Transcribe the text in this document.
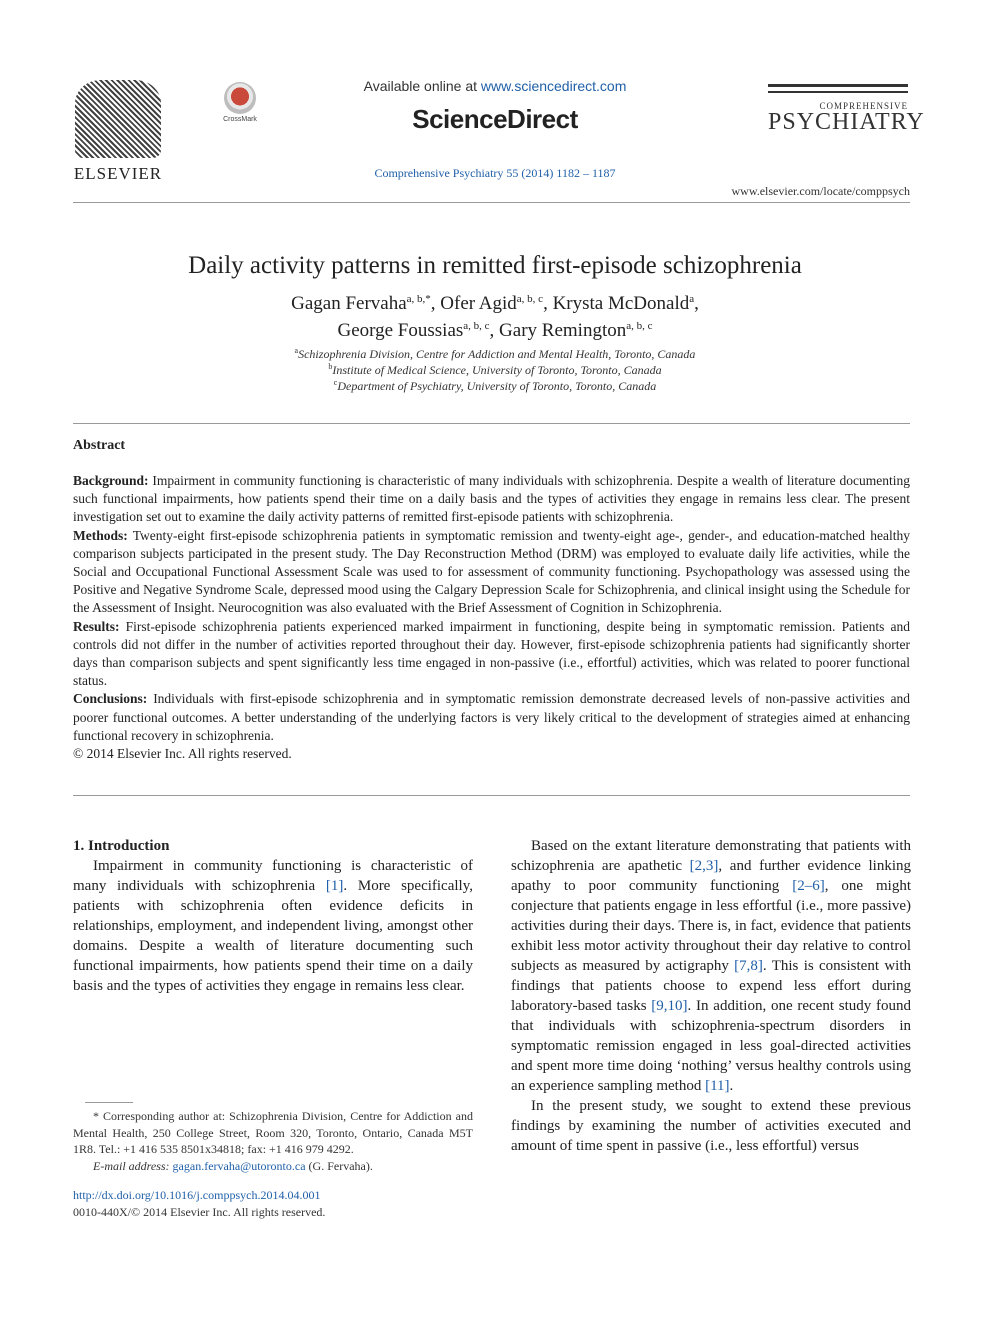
ELSEVIER
CrossMark
Available online at www.sciencedirect.com
ScienceDirect
Comprehensive Psychiatry 55 (2014) 1182 – 1187
COMPREHENSIVE
PSYCHIATRY
www.elsevier.com/locate/comppsych
Daily activity patterns in remitted first-episode schizophrenia
Gagan Fervaha$^{a, b,*}$, Ofer Agid$^{a, b, c}$, Krysta McDonald$^a$,
George Foussias$^{a, b, c}$, Gary Remington$^{a, b, c}$
$^a$Schizophrenia Division, Centre for Addiction and Mental Health, Toronto, Canada
$^b$Institute of Medical Science, University of Toronto, Toronto, Canada
$^c$Department of Psychiatry, University of Toronto, Toronto, Canada
Abstract

Background: Impairment in community functioning is characteristic of many individuals with schizophrenia. Despite a wealth of literature documenting such functional impairments, how patients spend their time on a daily basis and the types of activities they engage in remains less clear. The present investigation set out to examine the daily activity patterns of remitted first-episode patients with schizophrenia.

Methods: Twenty-eight first-episode schizophrenia patients in symptomatic remission and twenty-eight age-, gender-, and education-matched healthy comparison subjects participated in the present study. The Day Reconstruction Method (DRM) was employed to evaluate daily life activities, while the Social and Occupational Functional Assessment Scale was used to for assessment of community functioning. Psychopathology was assessed using the Positive and Negative Syndrome Scale, depressed mood using the Calgary Depression Scale for Schizophrenia, and clinical insight using the Schedule for the Assessment of Insight. Neurocognition was also evaluated with the Brief Assessment of Cognition in Schizophrenia.

Results: First-episode schizophrenia patients experienced marked impairment in functioning, despite being in symptomatic remission. Patients and controls did not differ in the number of activities reported throughout their day. However, first-episode schizophrenia patients had significantly shorter days than comparison subjects and spent significantly less time engaged in non-passive (i.e., effortful) activities, which was related to poorer functional status.

Conclusions: Individuals with first-episode schizophrenia and in symptomatic remission demonstrate decreased levels of non-passive activities and poorer functional outcomes. A better understanding of the underlying factors is very likely critical to the development of strategies aimed at enhancing functional recovery in schizophrenia.

© 2014 Elsevier Inc. All rights reserved.

1. Introduction

Impairment in community functioning is characteristic of many individuals with schizophrenia [1]. More specifically, patients with schizophrenia often evidence deficits in relationships, employment, and independent living, amongst other domains. Despite a wealth of literature documenting such functional impairments, how patients spend their time on a daily basis and the types of activities they engage in remains less clear.

Based on the extant literature demonstrating that patients with schizophrenia are apathetic [2,3], and further evidence linking apathy to poor community functioning [2–6], one might conjecture that patients engage in less effortful (i.e., more passive) activities during their days. There is, in fact, evidence that patients exhibit less motor activity throughout their day relative to control subjects as measured by actigraphy [7,8]. This is consistent with findings that patients choose to expend less effort during laboratory-based tasks [9,10]. In addition, one recent study found that individuals with schizophrenia-spectrum disorders in symptomatic remission engaged in less goal-directed activities and spent more time doing ‘nothing’ versus healthy controls using an experience sampling method [11].

In the present study, we sought to extend these previous findings by examining the number of activities executed and amount of time spent in passive (i.e., less effortful) versus

* Corresponding author at: Schizophrenia Division, Centre for Addiction and Mental Health, 250 College Street, Room 320, Toronto, Ontario, Canada M5T 1R8. Tel.: +1 416 535 8501x34818; fax: +1 416 979 4292.

E-mail address: gagan.fervaha@utoronto.ca (G. Fervaha).

http://dx.doi.org/10.1016/j.comppsych.2014.04.001
0010-440X/© 2014 Elsevier Inc. All rights reserved.
